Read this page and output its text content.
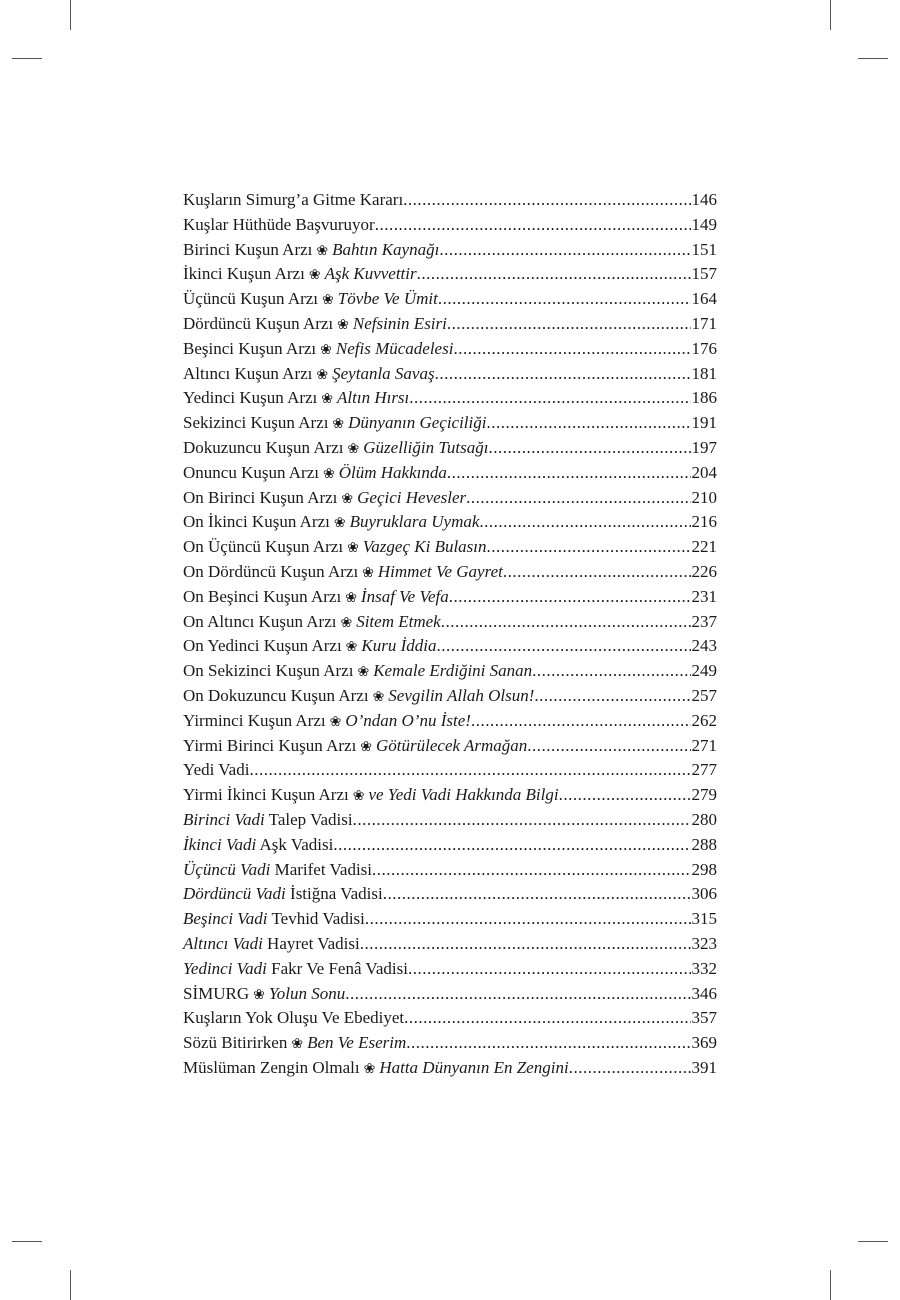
Kuşların Simurg’a Gitme Kararı .....	146
Kuşlar Hüthüde Başvuruyor .....	149
Birinci Kuşun Arzı ❀ Bahtın Kaynağı .....	151
İkinci Kuşun Arzı ❀ Aşk Kuvvettir .....	157
Üçüncü Kuşun Arzı ❀ Tövbe Ve Ümit .....	164
Dördüncü Kuşun Arzı ❀ Nefsinin Esiri .....	171
Beşinci Kuşun Arzı ❀ Nefis Mücadelesi .....	176
Altıncı Kuşun Arzı ❀ Şeytanla Savaş .....	181
Yedinci Kuşun Arzı ❀ Altın Hırsı .....	186
Sekizinci Kuşun Arzı ❀ Dünyanın Geçiciliği .....	191
Dokuzuncu Kuşun Arzı ❀ Güzelliğin Tutsağı .....	197
Onuncu Kuşun Arzı ❀ Ölüm Hakkında .....	204
On Birinci Kuşun Arzı ❀ Geçici Hevesler .....	210
On İkinci Kuşun Arzı ❀ Buyruklara Uymak .....	216
On Üçüncü Kuşun Arzı ❀ Vazgeç Ki Bulasın .....	221
On Dördüncü Kuşun Arzı ❀ Himmet Ve Gayret .....	226
On Beşinci Kuşun Arzı ❀ İnsaf Ve Vefa .....	231
On Altıncı Kuşun Arzı ❀ Sitem Etmek .....	237
On Yedinci Kuşun Arzı ❀ Kuru İddia .....	243
On Sekizinci Kuşun Arzı ❀ Kemale Erdiğini Sanan .....	249
On Dokuzuncu Kuşun Arzı ❀ Sevgilin Allah Olsun! .....	257
Yirminci Kuşun Arzı ❀ O’ndan O’nu İste! .....	262
Yirmi Birinci Kuşun Arzı ❀ Götürülecek Armağan .....	271
Yedi Vadi .....	277
Yirmi İkinci Kuşun Arzı ❀ ve Yedi Vadi Hakkında Bilgi .....	279
Birinci Vadi Talep Vadisi .....	280
İkinci Vadi Aşk Vadisi .....	288
Üçüncü Vadi Marifet Vadisi .....	298
Dördüncü Vadi İstiğna Vadisi .....	306
Beşinci Vadi Tevhid Vadisi .....	315
Altıncı Vadi Hayret Vadisi .....	323
Yedinci Vadi Fakr Ve Fenâ Vadisi .....	332
SİMURG ❀ Yolun Sonu .....	346
Kuşların Yok Oluşu Ve Ebediyet .....	357
Sözü Bitirirken ❀ Ben Ve Eserim .....	369
Müslüman Zengin Olmalı ❀ Hatta Dünyanın En Zengini .....	391
